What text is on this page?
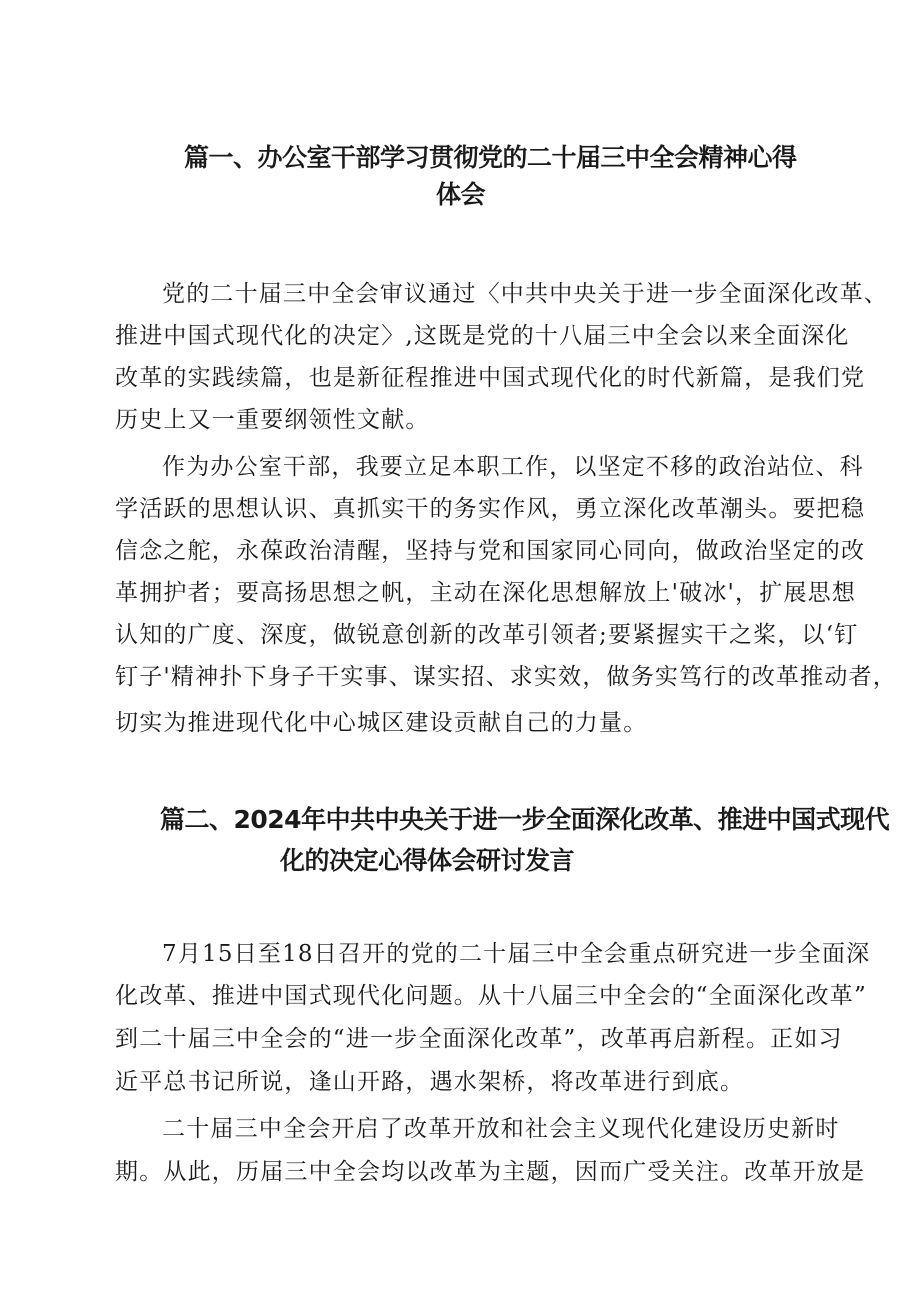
篇一、办公室干部学习贯彻党的二十届三中全会精神心得
体会
党的二十届三中全会审议通过〈中共中央关于进一步全面深化改革、
推进中国式现代化的决定〉,这既是党的十八届三中全会以来全面深化
改革的实践续篇，也是新征程推进中国式现代化的时代新篇，是我们党
历史上又一重要纲领性文献。
作为办公室干部，我要立足本职工作，以坚定不移的政治站位、科
学活跃的思想认识、真抓实干的务实作风，勇立深化改革潮头。要把稳
信念之舵，永葆政治清醒，坚持与党和国家同心同向，做政治坚定的改
革拥护者；要高扬思想之帆，主动在深化思想解放上'破冰'，扩展思想
认知的广度、深度，做锐意创新的改革引领者;要紧握实干之桨，以‘钉
钉子'精神扑下身子干实事、谋实招、求实效，做务实笃行的改革推动者，
切实为推进现代化中心城区建设贡献自己的力量。
篇二、2024年中共中央关于进一步全面深化改革、推进中国式现代
化的决定心得体会研讨发言
7月15日至18日召开的党的二十届三中全会重点研究进一步全面深
化改革、推进中国式现代化问题。从十八届三中全会的“全面深化改革”
到二十届三中全会的“进一步全面深化改革”，改革再启新程。正如习
近平总书记所说，逢山开路，遇水架桥，将改革进行到底。
二十届三中全会开启了改革开放和社会主义现代化建设历史新时
期。从此，历届三中全会均以改革为主题，因而广受关注。改革开放是
